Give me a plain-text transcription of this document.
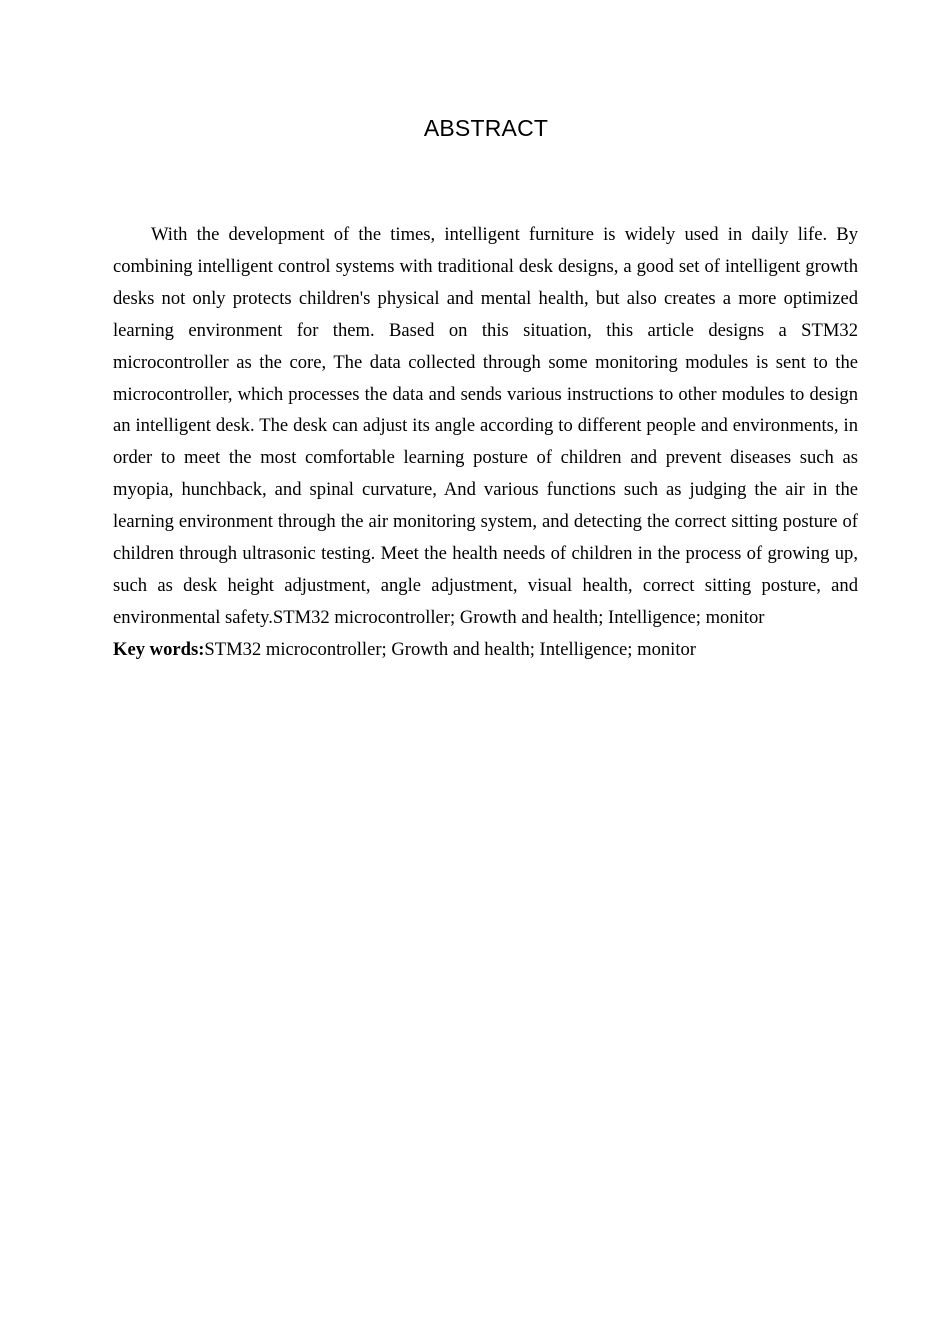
ABSTRACT

With the development of the times, intelligent furniture is widely used in daily life. By combining intelligent control systems with traditional desk designs, a good set of intelligent growth desks not only protects children's physical and mental health, but also creates a more optimized learning environment for them. Based on this situation, this article designs a STM32 microcontroller as the core, The data collected through some monitoring modules is sent to the microcontroller, which processes the data and sends various instructions to other modules to design an intelligent desk. The desk can adjust its angle according to different people and environments, in order to meet the most comfortable learning posture of children and prevent diseases such as myopia, hunchback, and spinal curvature, And various functions such as judging the air in the learning environment through the air monitoring system, and detecting the correct sitting posture of children through ultrasonic testing. Meet the health needs of children in the process of growing up, such as desk height adjustment, angle adjustment, visual health, correct sitting posture, and environmental safety.STM32 microcontroller; Growth and health; Intelligence; monitor

Key words:STM32 microcontroller; Growth and health; Intelligence; monitor
